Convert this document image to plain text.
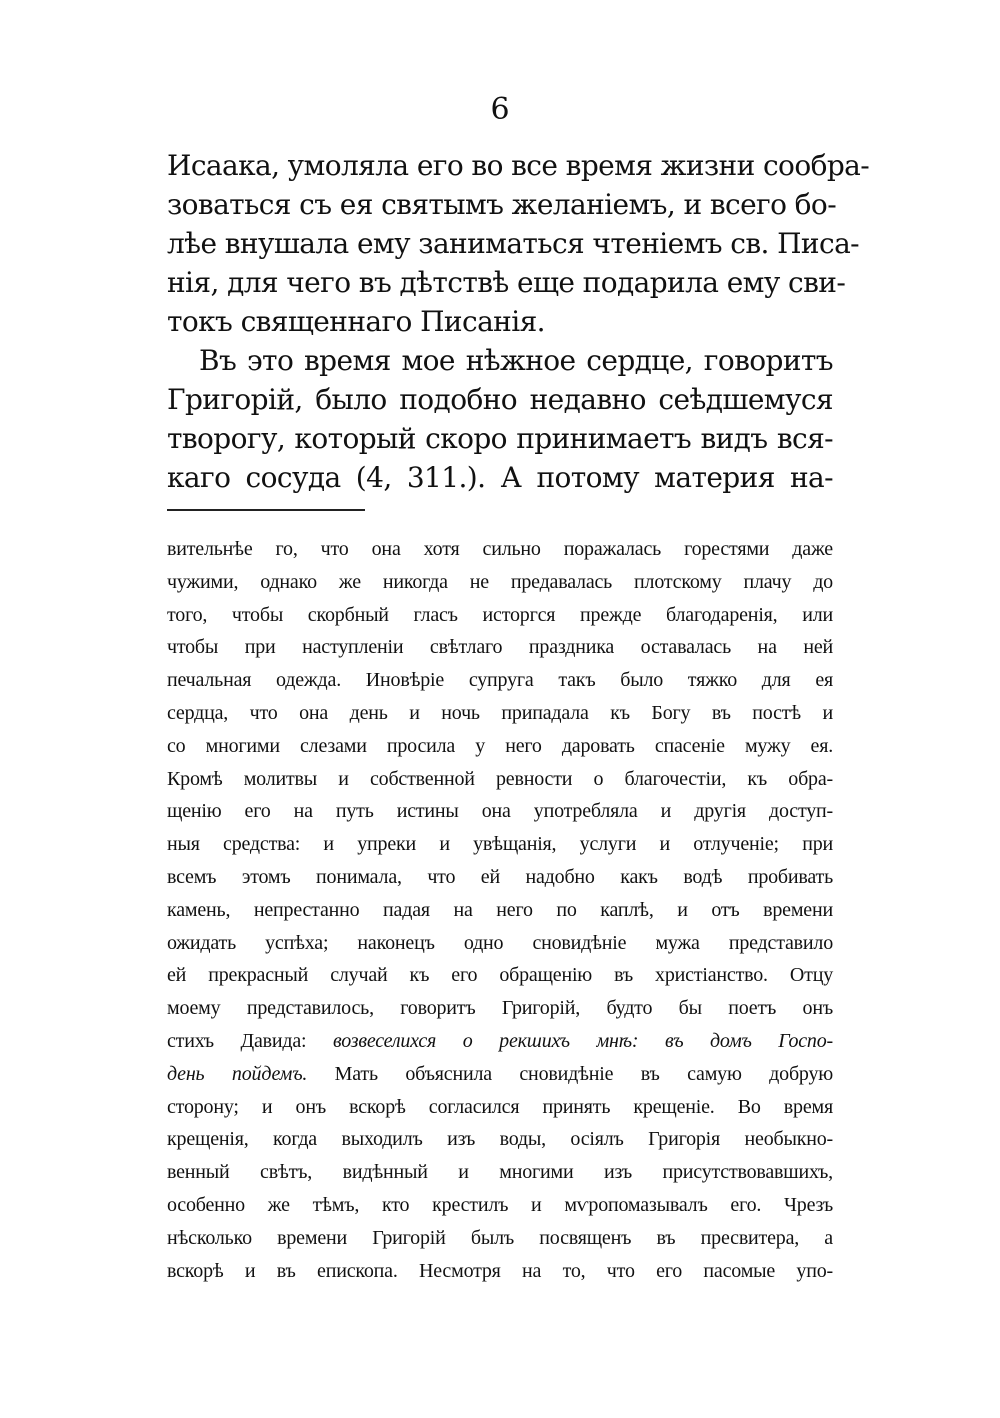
6
Исаака, умоляла его во все время жизни сообра-
зоваться съ ея святымъ желаніемъ, и всего бо-
лѣе внушала ему заниматься чтеніемъ св. Писа-
нія, для чего въ дѣтствѣ еще подарила ему сви-
токъ священнаго Писанія.
Въ это время мое нѣжное сердце, говоритъ
Григорій, было подобно недавно сеѣдшемуся
творогу, который скоро принимаетъ видъ вся-
каго сосуда (4, 311.). А потому материя на-
вительнѣе го, что она хотя сильно поражалась горестями даже
чужими, однако же никогда не предавалась плотскому плачу до
того, чтобы скорбный гласъ исторгся прежде благодаренія, или
чтобы при наступленіи свѣтлаго праздника оставалась на ней
печальная одежда. Иновѣріе супруга такъ было тяжко для ея
сердца, что она день и ночь припадала къ Богу въ постѣ и
со многими слезами просила у него даровать спасеніе мужу ея.
Кромѣ молитвы и собственной ревности о благочестіи, къ обра-
щенію его на путь истины она употребляла и другія доступ-
ныя средства: и упреки и увѣщанія, услуги и отлученіе; при
всемъ этомъ понимала, что ей надобно какъ водѣ пробивать
камень, непрестанно падая на него по каплѣ, и отъ времени
ожидать успѣха; наконецъ одно сновидѣніе мужа представило
ей прекрасный случай къ его обращенію въ христіанство. Отцу
моему представилось, говоритъ Григорій, будто бы поетъ онъ
стихъ Давида: возвеселихся о рекшихъ мнѣ: въ домъ Госпо-
день пойдемъ. Мать объяснила сновидѣніе въ самую добрую
сторону; и онъ вскорѣ согласился принять крещеніе. Во время
крещенія, когда выходилъ изъ воды, осіялъ Григорія необыкно-
венный свѣтъ, видѣнный и многими изъ присутствовавшихъ,
особенно же тѣмъ, кто крестилъ и мѵропомазывалъ его. Чрезъ
нѣсколько времени Григорій былъ посвященъ въ пресвитера, а
вскорѣ и въ епископа. Несмотря на то, что его пасомые упо-
